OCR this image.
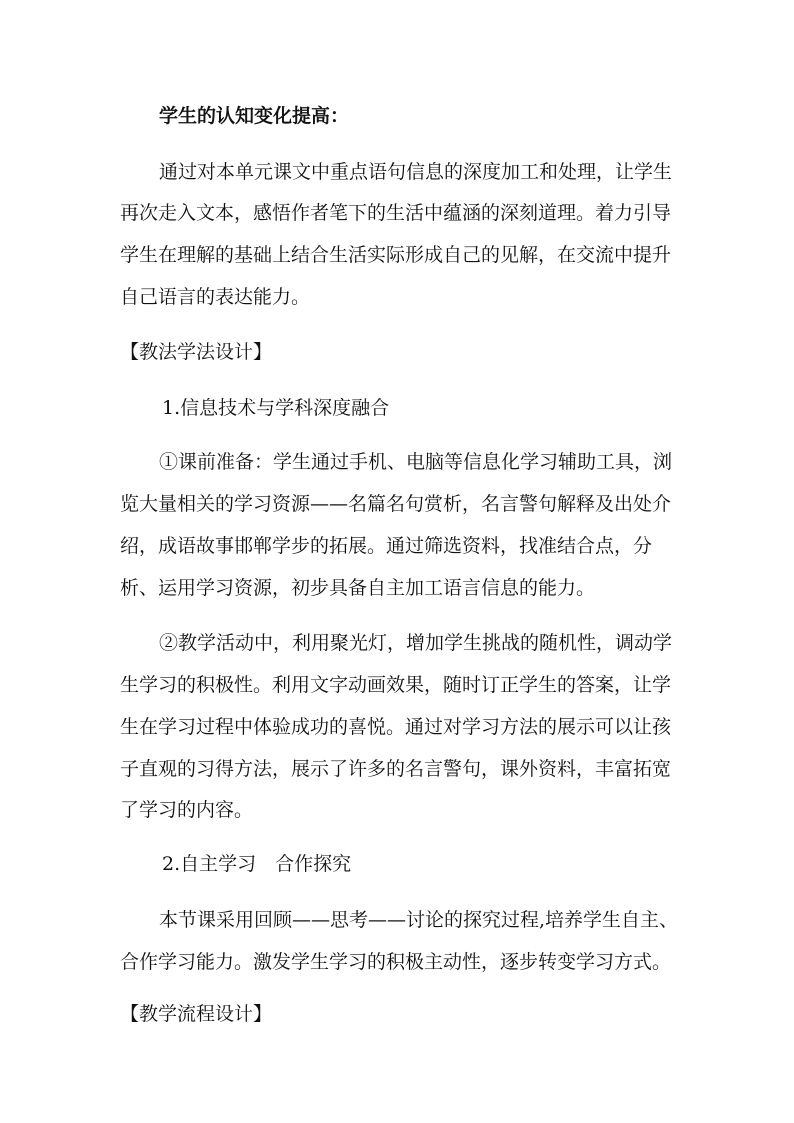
学生的认知变化提高：
通过对本单元课文中重点语句信息的深度加工和处理，让学生
再次走入文本，感悟作者笔下的生活中蕴涵的深刻道理。着力引导
学生在理解的基础上结合生活实际形成自己的见解，在交流中提升
自己语言的表达能力。
【教法学法设计】
1.信息技术与学科深度融合
①课前准备：学生通过手机、电脑等信息化学习辅助工具，浏
览大量相关的学习资源——名篇名句赏析，名言警句解释及出处介
绍，成语故事邯郸学步的拓展。通过筛选资料，找准结合点，分
析、运用学习资源，初步具备自主加工语言信息的能力。
②教学活动中，利用聚光灯，增加学生挑战的随机性，调动学
生学习的积极性。利用文字动画效果，随时订正学生的答案，让学
生在学习过程中体验成功的喜悦。通过对学习方法的展示可以让孩
子直观的习得方法，展示了许多的名言警句，课外资料，丰富拓宽
了学习的内容。
2.自主学习　合作探究
本节课采用回顾——思考——讨论的探究过程,培养学生自主、
合作学习能力。激发学生学习的积极主动性，逐步转变学习方式。
【教学流程设计】
